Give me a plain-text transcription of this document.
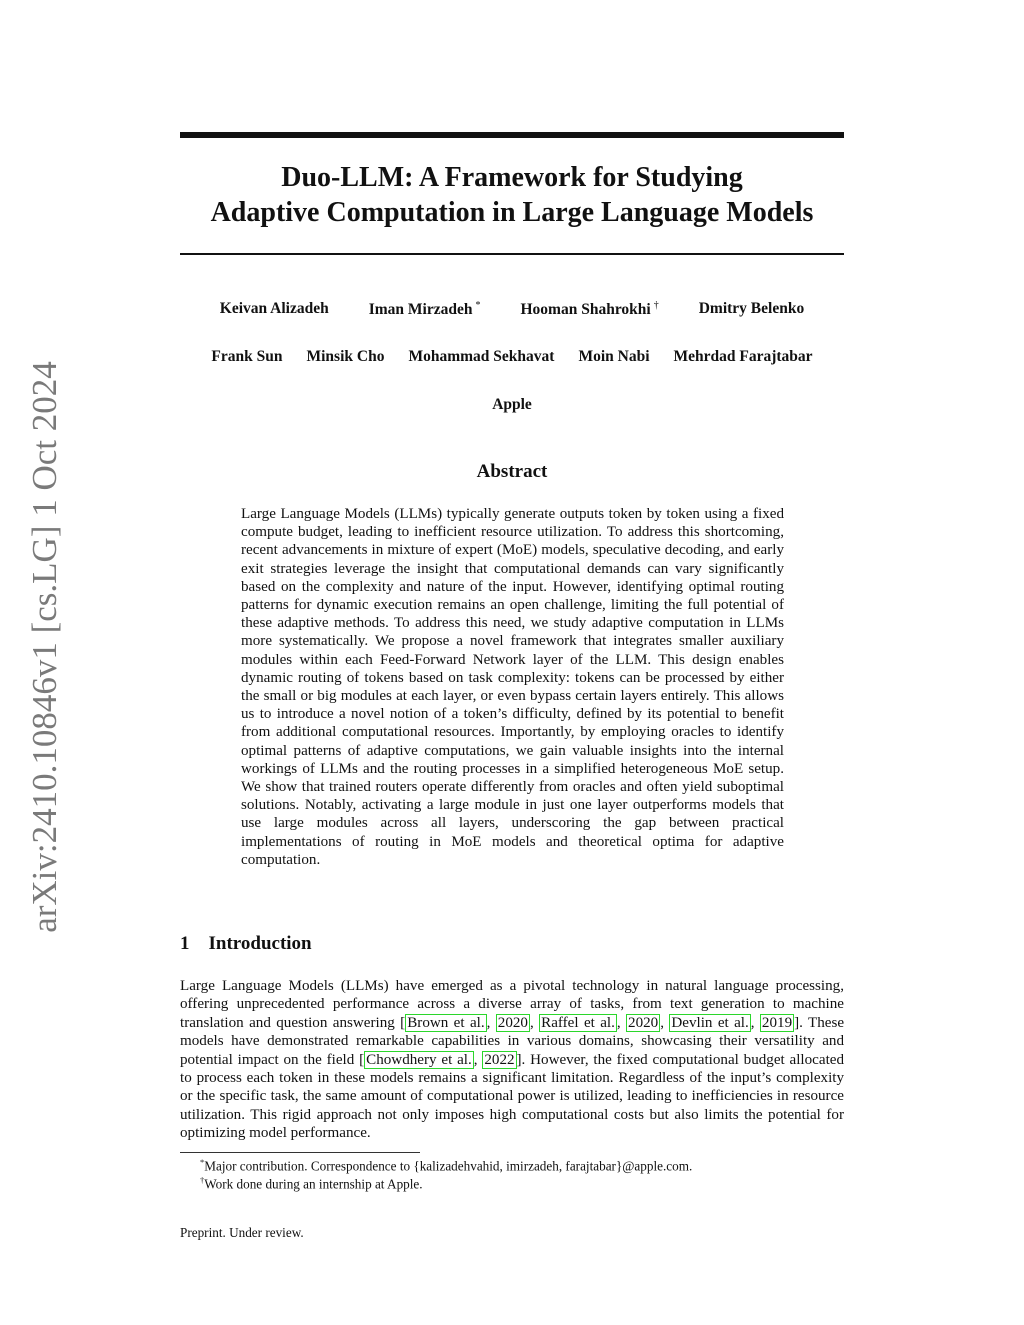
arXiv:2410.10846v1 [cs.LG] 1 Oct 2024
Duo-LLM: A Framework for Studying
Adaptive Computation in Large Language Models
Keivan Alizadeh	Iman Mirzadeh *	Hooman Shahrokhi †	Dmitry Belenko
Frank Sun Minsik Cho Mohammad Sekhavat Moin Nabi Mehrdad Farajtabar
Apple
Abstract

Large Language Models (LLMs) typically generate outputs token by token using a fixed compute budget, leading to inefficient resource utilization. To address this shortcoming, recent advancements in mixture of expert (MoE) models, speculative decoding, and early exit strategies leverage the insight that computational demands can vary significantly based on the complexity and nature of the input. However, identifying optimal routing patterns for dynamic execution remains an open challenge, limiting the full potential of these adaptive methods. To address this need, we study adaptive computation in LLMs more systematically. We propose a novel framework that integrates smaller auxiliary modules within each Feed-Forward Network layer of the LLM. This design enables dynamic routing of tokens based on task complexity: tokens can be processed by either the small or big modules at each layer, or even bypass certain layers entirely. This allows us to introduce a novel notion of a token’s difficulty, defined by its potential to benefit from additional computational resources. Importantly, by employing oracles to identify optimal patterns of adaptive computations, we gain valuable insights into the internal workings of LLMs and the routing processes in a simplified heterogeneous MoE setup. We show that trained routers operate differently from oracles and often yield suboptimal solutions. Notably, activating a large module in just one layer outperforms models that use large modules across all layers, underscoring the gap between practical implementations of routing in MoE models and theoretical optima for adaptive computation.

1 Introduction

Large Language Models (LLMs) have emerged as a pivotal technology in natural language processing, offering unprecedented performance across a diverse array of tasks, from text generation to machine translation and question answering [ Brown et al. , 2020 , Raffel et al. , 2020 , Devlin et al. , 2019 ]. These models have demonstrated remarkable capabilities in various domains, showcasing their versatility and potential impact on the field [ Chowdhery et al. , 2022 ]. However, the fixed computational budget allocated to process each token in these models remains a significant limitation. Regardless of the input’s complexity or the specific task, the same amount of computational power is utilized, leading to inefficiencies in resource utilization. This rigid approach not only imposes high computational costs but also limits the potential for optimizing model performance.

*Major contribution. Correspondence to {kalizadehvahid, imirzadeh, farajtabar}@apple.com.
†Work done during an internship at Apple.
Preprint. Under review.
